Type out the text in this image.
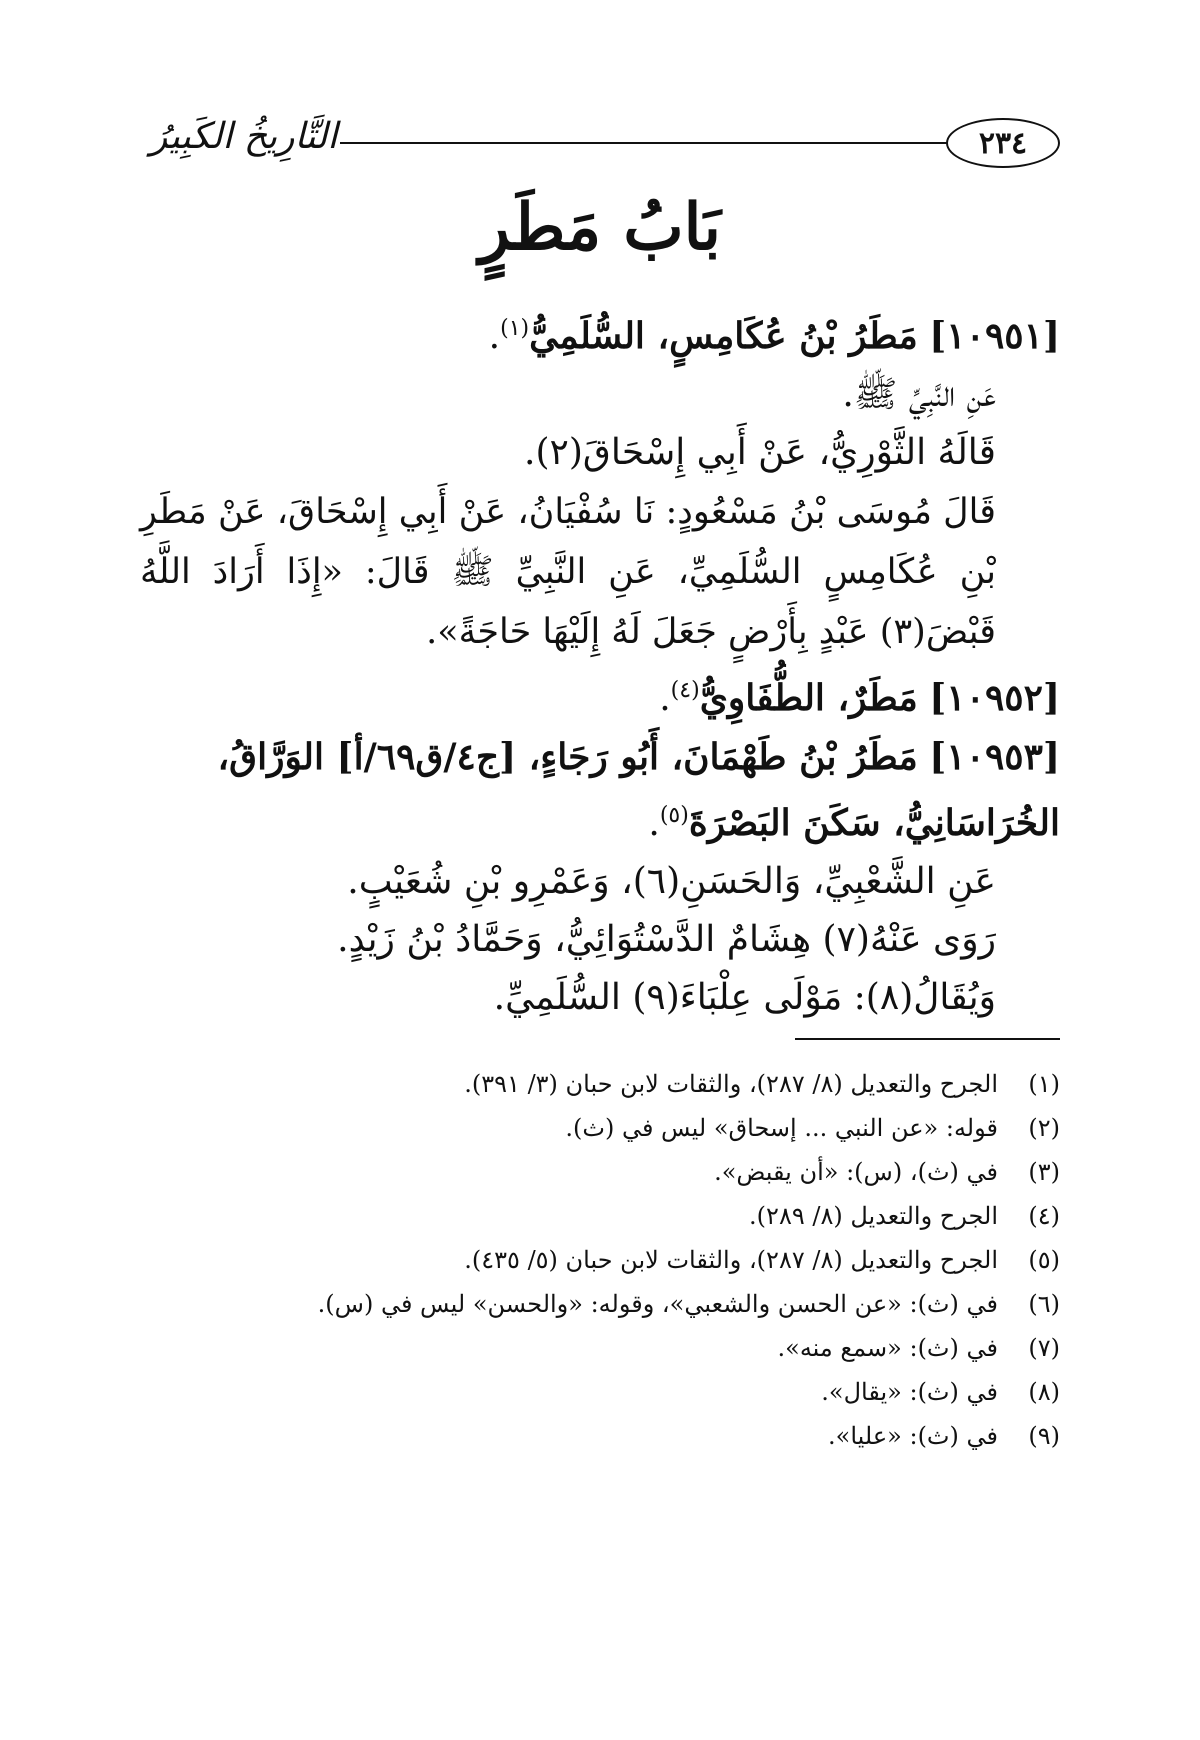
٢٣٤
التَّارِيخُ الكَبِيرُ
بَابُ مَطَرٍ

[١٠٩٥١] مَطَرُ بْنُ عُكَامِسٍ، السُّلَمِيُّ$^{(١)}$.

عَنِ النَّبِيِّ ﷺ.

قَالَهُ الثَّوْرِيُّ، عَنْ أَبِي إِسْحَاقَ(٢).

قَالَ مُوسَى بْنُ مَسْعُودٍ: نَا سُفْيَانُ، عَنْ أَبِي إِسْحَاقَ، عَنْ مَطَرِ بْنِ عُكَامِسٍ السُّلَمِيِّ، عَنِ النَّبِيِّ ﷺ قَالَ: «إِذَا أَرَادَ اللَّهُ قَبْضَ(٣) عَبْدٍ بِأَرْضٍ جَعَلَ لَهُ إِلَيْهَا حَاجَةً».

[١٠٩٥٢] مَطَرٌ، الطُّفَاوِيُّ$^{(٤)}$.

[١٠٩٥٣] مَطَرُ بْنُ طَهْمَانَ، أَبُو رَجَاءٍ، [ج٤/ق٦٩/أ] الوَرَّاقُ، الخُرَاسَانِيُّ، سَكَنَ البَصْرَةَ$^{(٥)}$.

عَنِ الشَّعْبِيِّ، وَالحَسَنِ(٦)، وَعَمْرِو بْنِ شُعَيْبٍ.

رَوَى عَنْهُ(٧) هِشَامٌ الدَّسْتُوَائِيُّ، وَحَمَّادُ بْنُ زَيْدٍ.

وَيُقَالُ(٨): مَوْلَى عِلْبَاءَ(٩) السُّلَمِيِّ.

(١)
الجرح والتعديل (٨/ ٢٨٧)، والثقات لابن حبان (٣/ ٣٩١).
(٢)
قوله: «عن النبي ... إسحاق» ليس في (ث).
(٣)
في (ث)، (س): «أن يقبض».
(٤)
الجرح والتعديل (٨/ ٢٨٩).
(٥)
الجرح والتعديل (٨/ ٢٨٧)، والثقات لابن حبان (٥/ ٤٣٥).
(٦)
في (ث): «عن الحسن والشعبي»، وقوله: «والحسن» ليس في (س).
(٧)
في (ث): «سمع منه».
(٨)
في (ث): «يقال».
(٩)
في (ث): «عليا».
